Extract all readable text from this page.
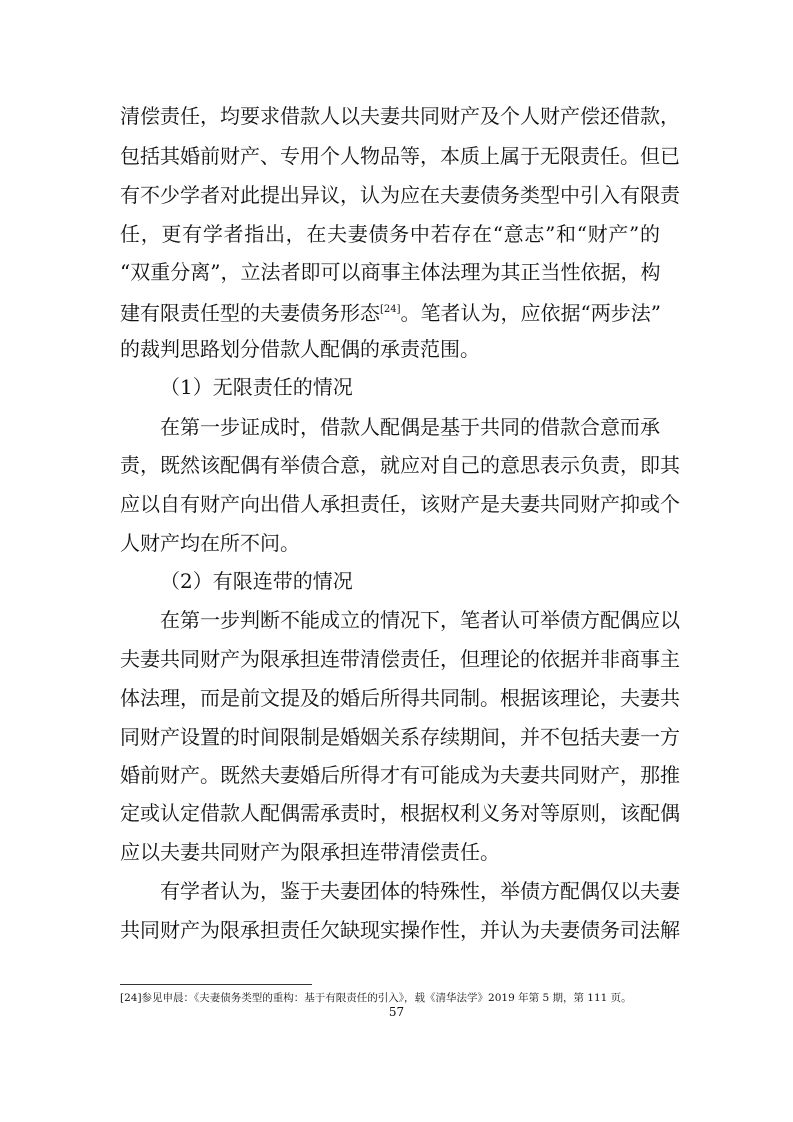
清偿责任，均要求借款人以夫妻共同财产及个人财产偿还借款，
包括其婚前财产、专用个人物品等，本质上属于无限责任。但已
有不少学者对此提出异议，认为应在夫妻债务类型中引入有限责
任，更有学者指出，在夫妻债务中若存在“意志”和“财产”的
“双重分离”，立法者即可以商事主体法理为其正当性依据，构
建有限责任型的夫妻债务形态[24]。笔者认为，应依据“两步法”
的裁判思路划分借款人配偶的承责范围。
（1）无限责任的情况
在第一步证成时，借款人配偶是基于共同的借款合意而承
责，既然该配偶有举债合意，就应对自己的意思表示负责，即其
应以自有财产向出借人承担责任，该财产是夫妻共同财产抑或个
人财产均在所不问。
（2）有限连带的情况
在第一步判断不能成立的情况下，笔者认可举债方配偶应以
夫妻共同财产为限承担连带清偿责任，但理论的依据并非商事主
体法理，而是前文提及的婚后所得共同制。根据该理论，夫妻共
同财产设置的时间限制是婚姻关系存续期间，并不包括夫妻一方
婚前财产。既然夫妻婚后所得才有可能成为夫妻共同财产，那推
定或认定借款人配偶需承责时，根据权利义务对等原则，该配偶
应以夫妻共同财产为限承担连带清偿责任。
有学者认为，鉴于夫妻团体的特殊性，举债方配偶仅以夫妻
共同财产为限承担责任欠缺现实操作性，并认为夫妻债务司法解
[24]参见申晨：《夫妻债务类型的重构：基于有限责任的引入》，载《清华法学》2019 年第 5 期，第 111 页。
57
